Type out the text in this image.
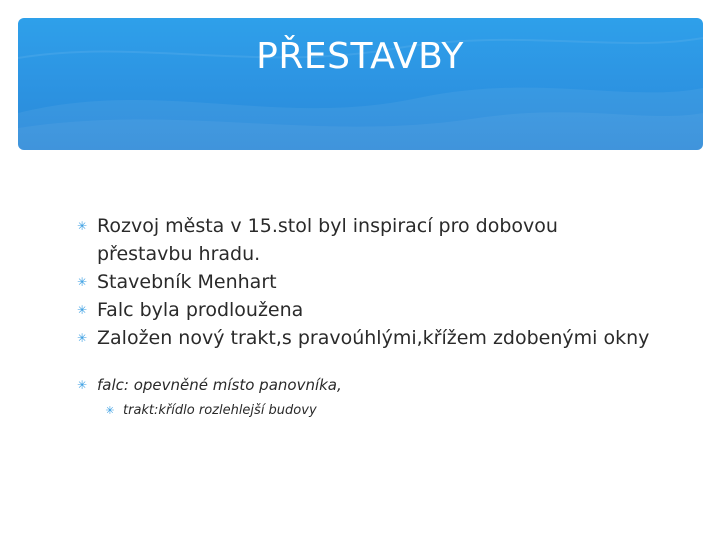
PŘESTAVBY
✳ Rozvoj města v 15.stol byl inspirací pro dobovou přestavbu hradu.
✳ Stavebník Menhart
✳ Falc byla prodloužena
✳ Založen nový trakt,s pravoúhlými,křížem zdobenými okny
✳ falc: opevněné místo panovníka,
✳ trakt:křídlo rozlehlejší budovy
